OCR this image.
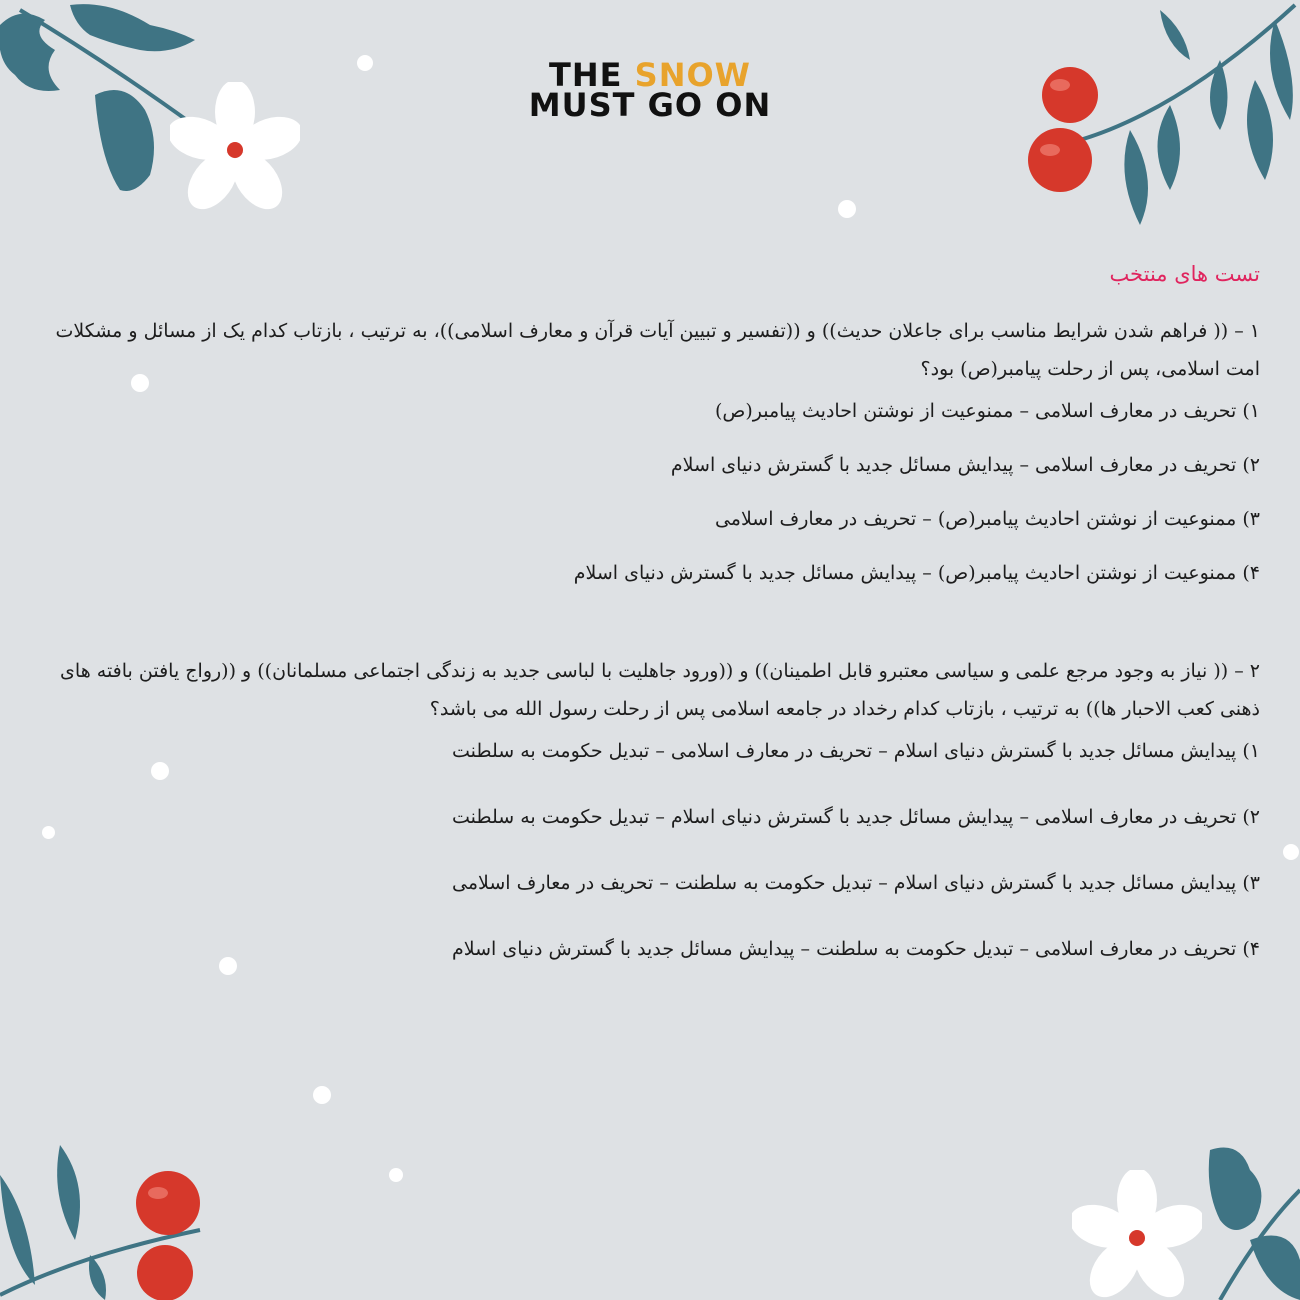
THE SNOW
MUST GO ON
تست های منتخب

۱ – (( فراهم شدن شرایط مناسب برای جاعلان حدیث)) و ((تفسیر و تبیین آیات قرآن و معارف اسلامی))، به ترتیب ، بازتاب کدام یک از مسائل و مشکلات امت اسلامی، پس از رحلت پیامبر(ص) بود؟

۱) تحریف در معارف اسلامی – ممنوعیت از نوشتن احادیث پیامبر(ص)

۲) تحریف در معارف اسلامی – پیدایش مسائل جدید با گسترش دنیای اسلام

۳) ممنوعیت از نوشتن احادیث پیامبر(ص) – تحریف در معارف اسلامی

۴) ممنوعیت از نوشتن احادیث پیامبر(ص) – پیدایش مسائل جدید با گسترش دنیای اسلام

۲ – (( نیاز به وجود مرجع علمی و سیاسی معتبرو قابل اطمینان)) و ((ورود جاهلیت با لباسی جدید به زندگی اجتماعی مسلمانان)) و ((رواج یافتن بافته های ذهنی کعب الاحبار ها)) به ترتیب ، بازتاب کدام رخداد در جامعه اسلامی پس از رحلت رسول الله می باشد؟

۱) پیدایش مسائل جدید با گسترش دنیای اسلام – تحریف در معارف اسلامی – تبدیل حکومت به سلطنت

۲) تحریف در معارف اسلامی – پیدایش مسائل جدید با گسترش دنیای اسلام – تبدیل حکومت به سلطنت

۳) پیدایش مسائل جدید با گسترش دنیای اسلام – تبدیل حکومت به سلطنت – تحریف در معارف اسلامی

۴) تحریف در معارف اسلامی – تبدیل حکومت به سلطنت – پیدایش مسائل جدید با گسترش دنیای اسلام
